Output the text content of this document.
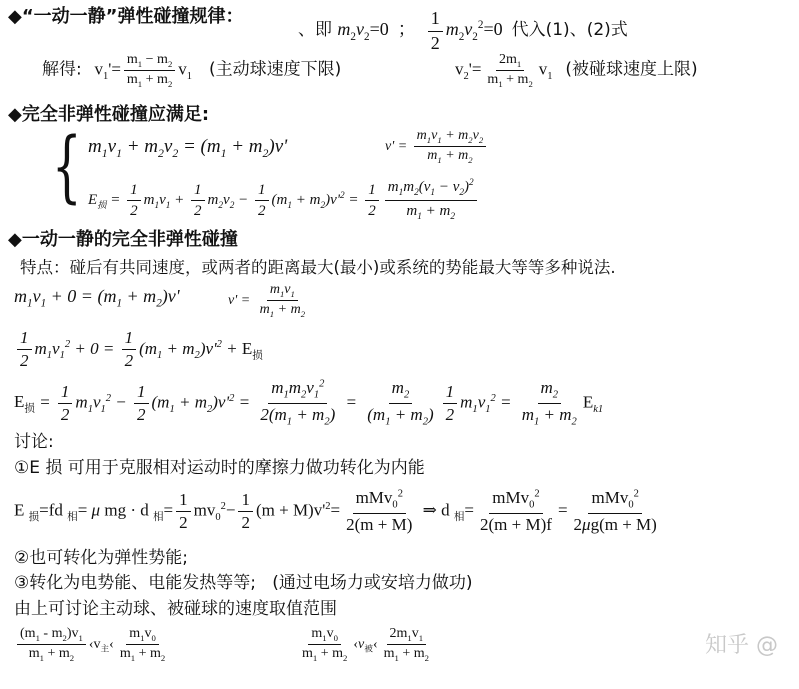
◆“一动一静”弹性碰撞规律：
、即 $m_2v_2=0$  ； $\frac{1}{2} m_2v_2^2=0$  代入(1)、(2)式
解得:   $v_1'= \frac{m_1 - m_2}{m_1 + m_2} v_1$ (主动球速度下限)	$v_2'= \frac{2m_1}{m_1 + m_2} v_1$ (被碰球速度上限)
◆完全非弹性碰撞应满足:
{ $m_1v_1 + m_2v_2 = (m_1 + m_2)v'$	$v' = \frac{m_1v_1 + m_2v_2}{m_1 + m_2}$
$E_损 = \frac{1}{2} m_1v_1 + \frac{1}{2} m_2v_2 - \frac{1}{2} (m_1 + m_2)v'^2 = \frac{1}{2} \frac{m_1m_2(v_1 - v_2)^2}{m_1 + m_2}$
◆一动一静的完全非弹性碰撞
特点：碰后有共同速度，或两者的距离最大(最小)或系统的势能最大等等多种说法.
$m_1v_1 + 0 = (m_1 + m_2)v'$	$v' = \frac{m_1v_1}{m_1 + m_2}$
$\frac{1}{2} m_1v_1^2 + 0 = \frac{1}{2} (m_1 + m_2)v'^2 + E_损$
$E_损 = \frac{1}{2} m_1v_1^2 - \frac{1}{2} (m_1 + m_2)v'^2 = \frac{m_1m_2v_1^2}{2(m_1 + m_2)} = \frac{m_2}{(m_1 + m_2)} \frac{1}{2} m_1v_1^2 = \frac{m_2}{m_1 + m_2} E_{k1}$
讨论:
①E 损 可用于克服相对运动时的摩擦力做功转化为内能
E $_损$=fd $_相$= μ mg · d $_相= \frac{1}{2} mv_0^2- \frac{1}{2} (m + M)v'^2= \frac{mMv_0^2}{2(m + M)}$ ⇒ d $_相= \frac{mMv_0^2}{2(m + M)f} = \frac{mMv_0^2}{2\mu g(m + M)}$
②也可转化为弹性势能;
③转化为电势能、电能发热等等; (通过电场力或安培力做功)
由上可讨论主动球、被碰球的速度取值范围
$\frac{(m_1 - m_2)v_1}{m_1 + m_2}$ $‹v_主‹ \frac{m_1v_0}{m_1 + m_2}$	$\frac{m_1v_0}{m_1 + m_2}$ $‹v_被‹ \frac{2m_1v_1}{m_1 + m_2}$	知乎 @
